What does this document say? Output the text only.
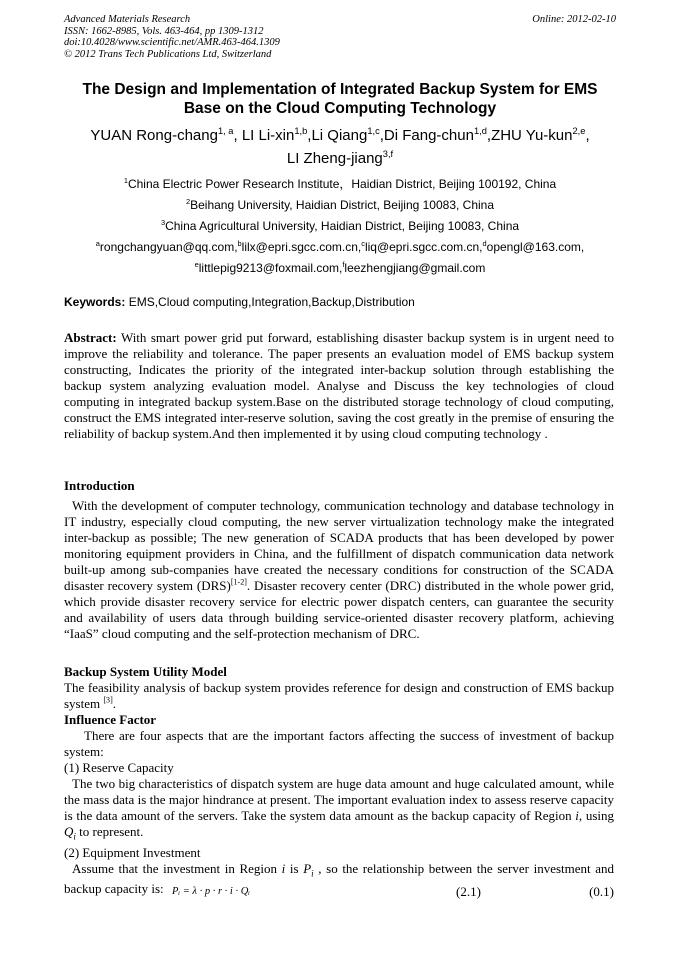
Advanced Materials Research
ISSN: 1662-8985, Vols. 463-464, pp 1309-1312
doi:10.4028/www.scientific.net/AMR.463-464.1309
© 2012 Trans Tech Publications Ltd, Switzerland
Online: 2012-02-10
The Design and Implementation of Integrated Backup System for EMS
Base on the Cloud Computing Technology
YUAN Rong-chang$^{1, a}$, LI Li-xin$^{1,b}$,Li Qiang$^{1,c}$,Di Fang-chun$^{1,d}$,ZHU Yu-kun$^{2,e}$,
LI Zheng-jiang$^{3,f}$
$^1$China Electric Power Research Institute，Haidian District, Beijing 100192, China
$^2$Beihang University, Haidian District, Beijing 10083, China
$^3$China Agricultural University, Haidian District, Beijing 10083, China
$^a$rongchangyuan@qq.com,$^b$lilx@epri.sgcc.com.cn,$^c$liq@epri.sgcc.com.cn,$^d$opengl@163.com,
$^e$littlepig9213@foxmail.com,$^f$leezhengjiang@gmail.com
Keywords: EMS,Cloud computing,Integration,Backup,Distribution
Abstract: With smart power grid put forward, establishing disaster backup system is in urgent need to improve the reliability and tolerance. The paper presents an evaluation model of EMS backup system constructing, Indicates the priority of the integrated inter-backup solution through establishing the backup system analyzing evaluation model. Analyse and Discuss the key technologies of cloud computing in integrated backup system.Base on the distributed storage technology of cloud computing, construct the EMS integrated inter-reserve solution, saving the cost greatly in the premise of ensuring the reliability of backup system.And then implemented it by using cloud computing technology .
Introduction
With the development of computer technology, communication technology and database technology in IT industry, especially cloud computing, the new server virtualization technology make the integrated inter-backup as possible; The new generation of SCADA products that has been developed by power monitoring equipment providers in China, and the fulfillment of dispatch communication data network built-up among sub-companies have created the necessary conditions for construction of the SCADA disaster recovery system (DRS)[1-2]. Disaster recovery center (DRC) distributed in the whole power grid, which provide disaster recovery service for electric power dispatch centers, can guarantee the security and availability of users data through building service-oriented disaster recovery platform, achieving “IaaS” cloud computing and the self-protection mechanism of DRC.
Backup System Utility Model
The feasibility analysis of backup system provides reference for design and construction of EMS backup system [3].
Influence Factor
There are four aspects that are the important factors affecting the success of investment of backup system:
(1) Reserve Capacity
The two big characteristics of dispatch system are huge data amount and huge calculated amount, while the mass data is the major hindrance at present. The important evaluation index to assess reserve capacity is the data amount of the servers. Take the system data amount as the backup capacity of Region i, using $Q_i$ to represent.
(2) Equipment Investment
Assume that the investment in Region i is $P_i$ , so the relationship between the server investment and backup capacity is: Pᵢ = λ · p · r · i · Qᵢ	(2.1)	(0.1)
